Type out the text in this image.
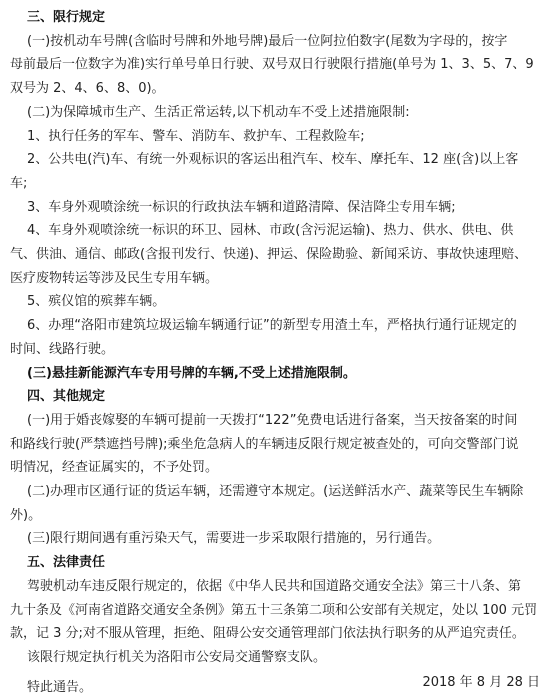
三、限行规定
(一)按机动车号牌(含临时号牌和外地号牌)最后一位阿拉伯数字(尾数为字母的，按字
母前最后一位数字为准)实行单号单日行驶、双号双日行驶限行措施(单号为 1、3、5、7、9
双号为 2、4、6、8、0)。
(二)为保障城市生产、生活正常运转,以下机动车不受上述措施限制:
1、执行任务的军车、警车、消防车、救护车、工程救险车;
2、公共电(汽)车、有统一外观标识的客运出租汽车、校车、摩托车、12 座(含)以上客
车;
3、车身外观喷涂统一标识的行政执法车辆和道路清障、保洁降尘专用车辆;
4、车身外观喷涂统一标识的环卫、园林、市政(含污泥运输)、热力、供水、供电、供
气、供油、通信、邮政(含报刊发行、快递)、押运、保险勘验、新闻采访、事故快速理赔、
医疗废物转运等涉及民生专用车辆。
5、殡仪馆的殡葬车辆。
6、办理“洛阳市建筑垃圾运输车辆通行证”的新型专用渣土车，严格执行通行证规定的
时间、线路行驶。
(三)悬挂新能源汽车专用号牌的车辆,不受上述措施限制。
四、其他规定
(一)用于婚丧嫁娶的车辆可提前一天拨打“122”免费电话进行备案，当天按备案的时间
和路线行驶(严禁遮挡号牌);乘坐危急病人的车辆违反限行规定被查处的，可向交警部门说
明情况，经查证属实的，不予处罚。
(二)办理市区通行证的货运车辆，还需遵守本规定。(运送鲜活水产、蔬菜等民生车辆除
外)。
(三)限行期间遇有重污染天气，需要进一步采取限行措施的，另行通告。
五、法律责任
驾驶机动车违反限行规定的，依据《中华人民共和国道路交通安全法》第三十八条、第
九十条及《河南省道路交通安全条例》第五十三条第二项和公安部有关规定，处以 100 元罚
款，记 3 分;对不服从管理，拒绝、阻碍公安交通管理部门依法执行职务的从严追究责任。
该限行规定执行机关为洛阳市公安局交通警察支队。
特此通告。	2018 年 8 月 28 日
